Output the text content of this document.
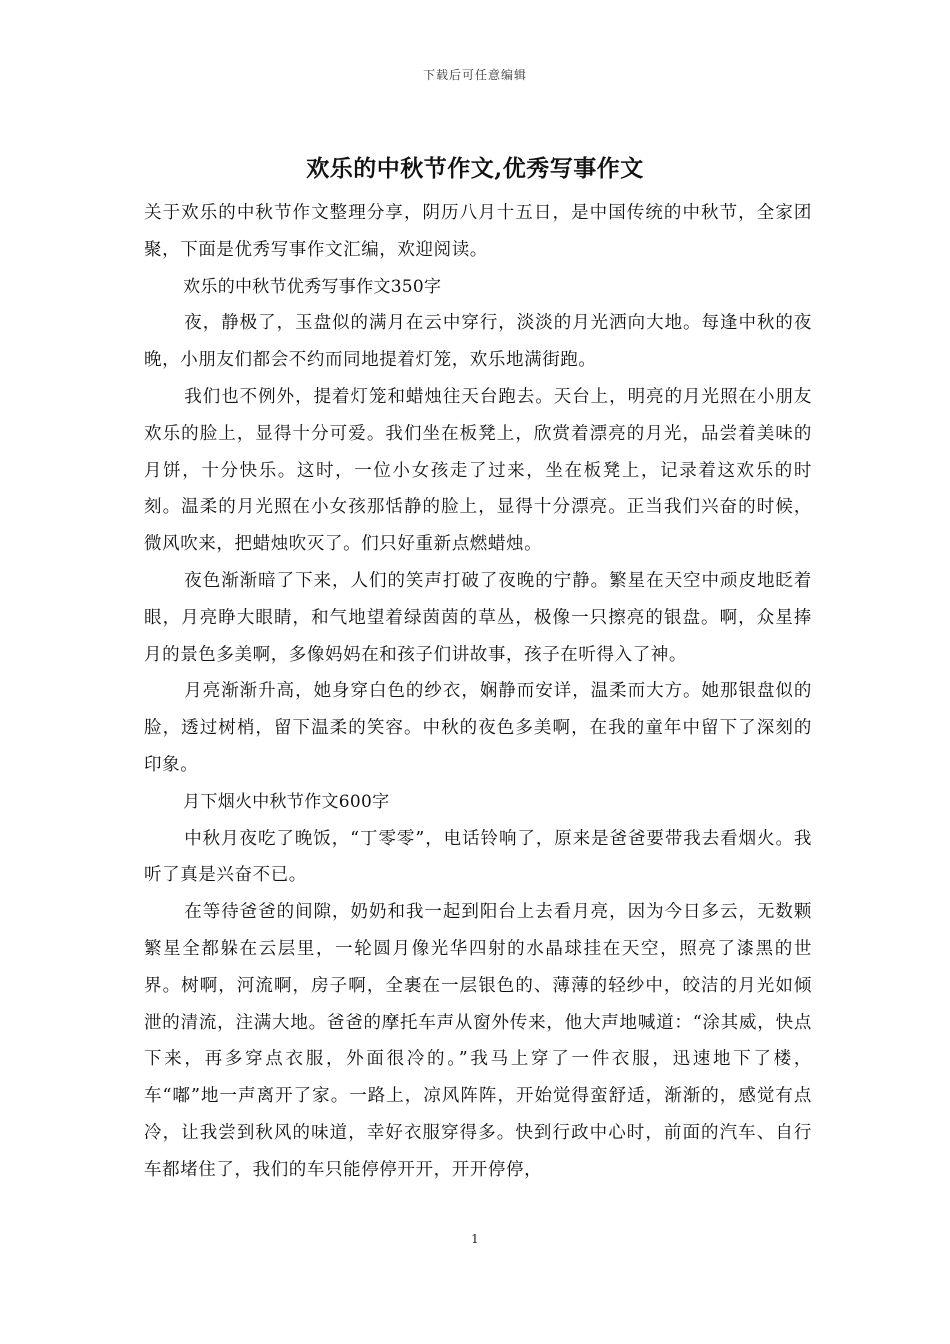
下载后可任意编辑
欢乐的中秋节作文,优秀写事作文

关于欢乐的中秋节作文整理分享，阴历八月十五日，是中国传统的中秋节，全家团聚，下面是优秀写事作文汇编，欢迎阅读。

欢乐的中秋节优秀写事作文350字

夜，静极了，玉盘似的满月在云中穿行，淡淡的月光洒向大地。每逢中秋的夜晚，小朋友们都会不约而同地提着灯笼，欢乐地满街跑。

我们也不例外，提着灯笼和蜡烛往天台跑去。天台上，明亮的月光照在小朋友欢乐的脸上，显得十分可爱。我们坐在板凳上，欣赏着漂亮的月光，品尝着美味的月饼，十分快乐。这时，一位小女孩走了过来，坐在板凳上，记录着这欢乐的时刻。温柔的月光照在小女孩那恬静的脸上，显得十分漂亮。正当我们兴奋的时候，微风吹来，把蜡烛吹灭了。们只好重新点燃蜡烛。

夜色渐渐暗了下来，人们的笑声打破了夜晚的宁静。繁星在天空中顽皮地眨着眼，月亮睁大眼睛，和气地望着绿茵茵的草丛，极像一只擦亮的银盘。啊，众星捧月的景色多美啊，多像妈妈在和孩子们讲故事，孩子在听得入了神。

月亮渐渐升高，她身穿白色的纱衣，娴静而安详，温柔而大方。她那银盘似的脸，透过树梢，留下温柔的笑容。中秋的夜色多美啊，在我的童年中留下了深刻的印象。

月下烟火中秋节作文600字

中秋月夜吃了晚饭，“丁零零”，电话铃响了，原来是爸爸要带我去看烟火。我听了真是兴奋不已。

在等待爸爸的间隙，奶奶和我一起到阳台上去看月亮，因为今日多云，无数颗繁星全都躲在云层里，一轮圆月像光华四射的水晶球挂在天空，照亮了漆黑的世界。树啊，河流啊，房子啊，全裹在一层银色的、薄薄的轻纱中，皎洁的月光如倾泄的清流，注满大地。爸爸的摩托车声从窗外传来，他大声地喊道：“涂其威，快点下来，再多穿点衣服，外面很冷的。”我马上穿了一件衣服，迅速地下了楼，车“嘟”地一声离开了家。一路上，凉风阵阵，开始觉得蛮舒适，渐渐的，感觉有点冷，让我尝到秋风的味道，幸好衣服穿得多。快到行政中心时，前面的汽车、自行车都堵住了，我们的车只能停停开开，开开停停，

1
